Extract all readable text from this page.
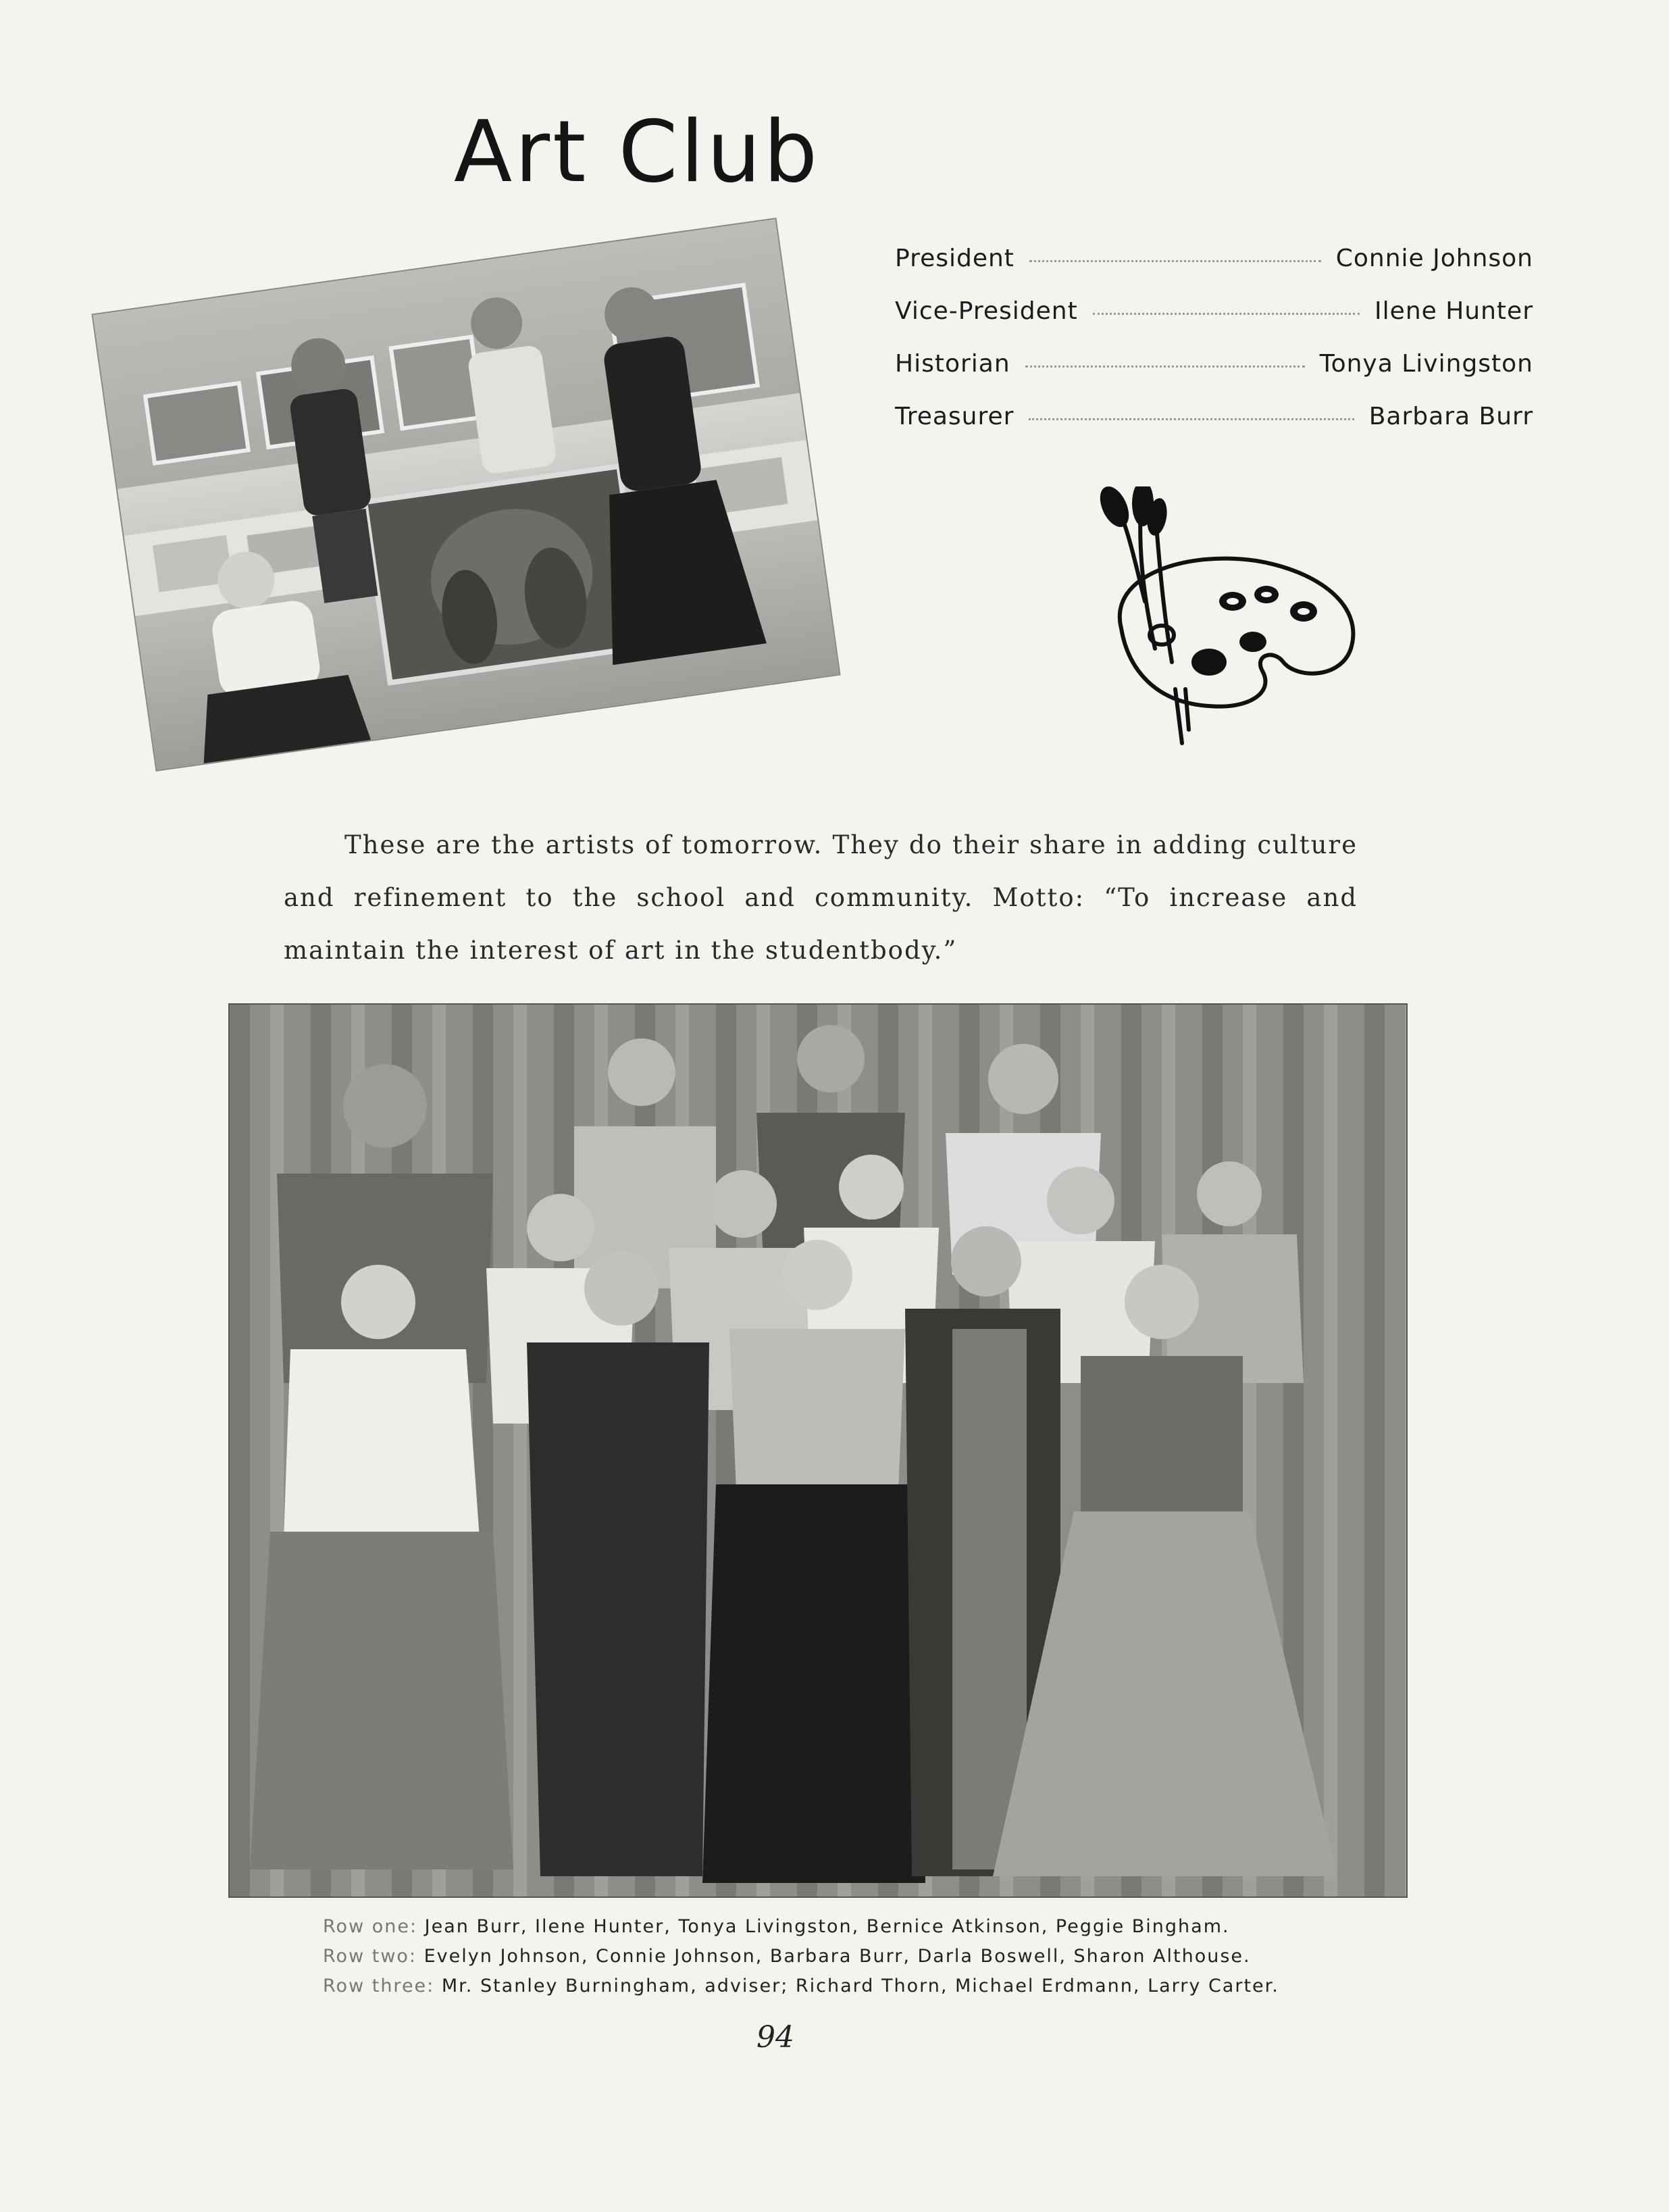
Art Club
President	Connie Johnson
Vice-President	Ilene Hunter
Historian	Tonya Livingston
Treasurer	Barbara Burr

These are the artists of tomorrow. They do their share in adding culture and refinement to the school and community. Motto: “To increase and maintain the interest of art in the studentbody.”

Row one: Jean Burr, Ilene Hunter, Tonya Livingston, Bernice Atkinson, Peggie Bingham.
Row two: Evelyn Johnson, Connie Johnson, Barbara Burr, Darla Boswell, Sharon Althouse.
Row three: Mr. Stanley Burningham, adviser; Richard Thorn, Michael Erdmann, Larry Carter.
94
